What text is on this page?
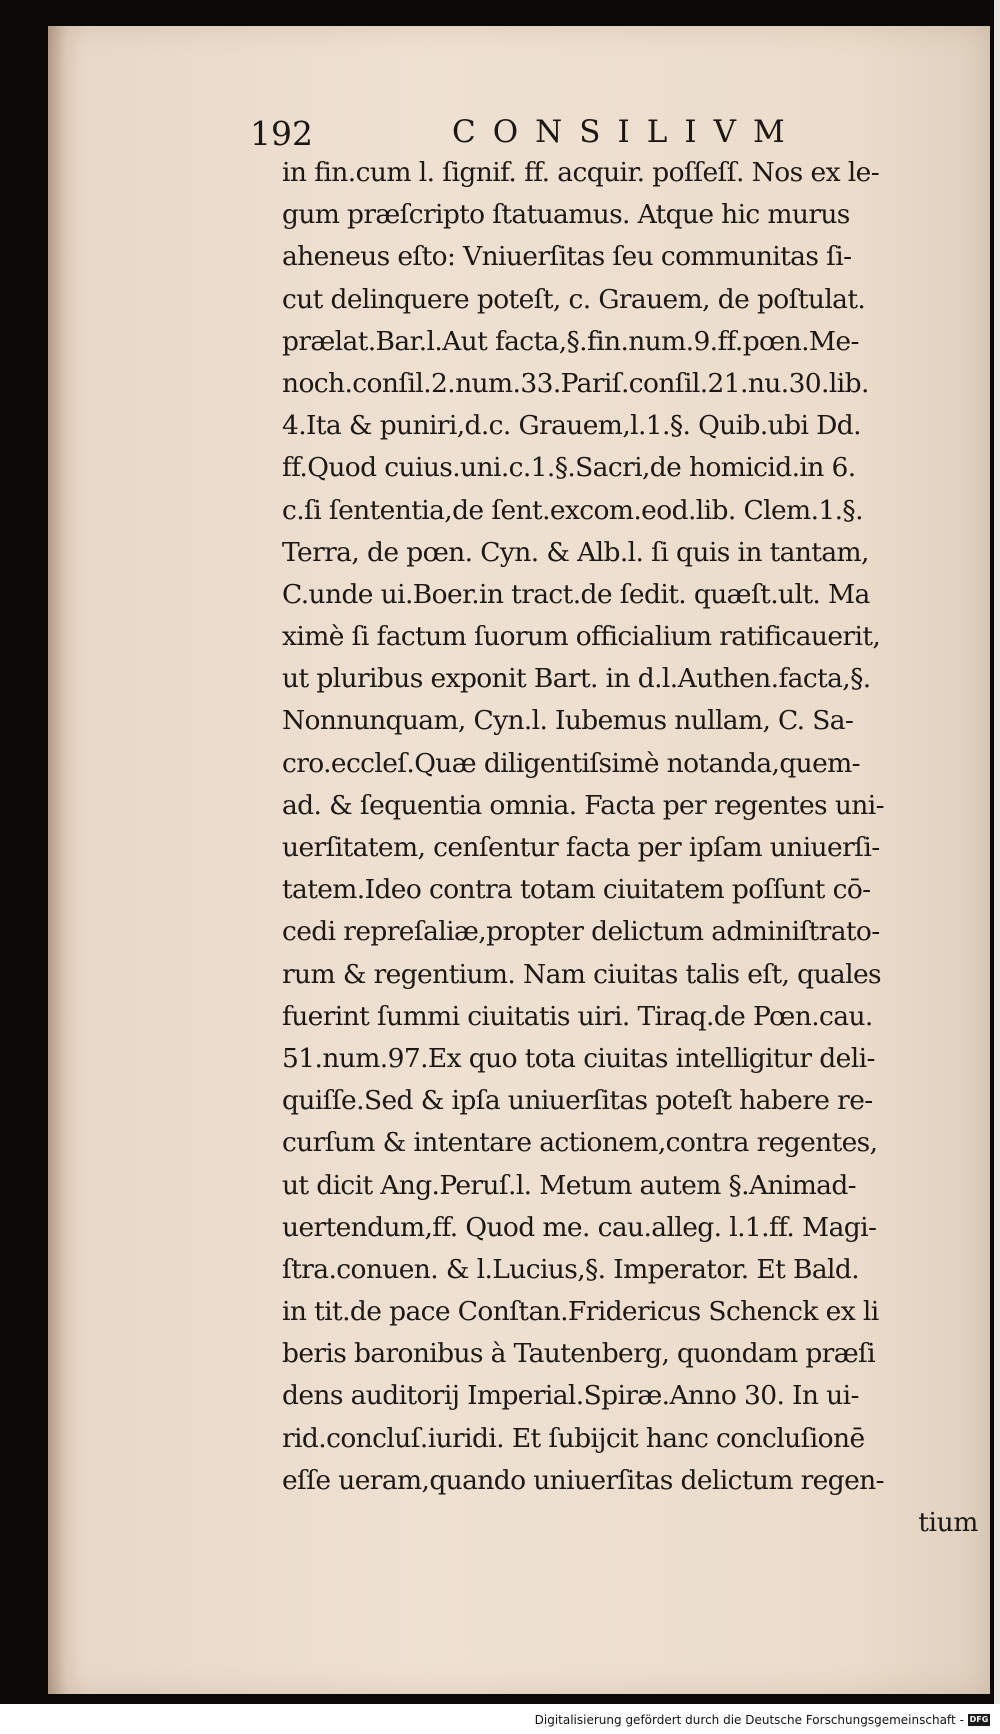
192	CONSILIVM
in fin.cum l. ſignif. ff. acquir. poſſeſſ. Nos ex le-
gum præſcripto ſtatuamus. Atque hic murus
aheneus eſto: Vniuerſitas ſeu communitas ſi-
cut delinquere poteſt, c. Grauem, de poſtulat.
prælat.Bar.l.Aut facta,§.fin.num.9.ff.pœn.Me-
noch.conſil.2.num.33.Pariſ.conſil.21.nu.30.lib.
4.Ita & puniri,d.c. Grauem,l.1.§. Quib.ubi Dd.
ff.Quod cuius.uni.c.1.§.Sacri,de homicid.in 6.
c.ſi ſententia,de ſent.excom.eod.lib. Clem.1.§.
Terra, de pœn. Cyn. & Alb.l. ſi quis in tantam,
C.unde ui.Boer.in tract.de ſedit. quæſt.ult. Ma
ximè ſi factum ſuorum officialium ratificauerit,
ut pluribus exponit Bart. in d.l.Authen.facta,§.
Nonnunquam, Cyn.l. Iubemus nullam, C. Sa-
cro.eccleſ.Quæ diligentiſsimè notanda,quem-
ad. & ſequentia omnia. Facta per regentes uni-
uerſitatem, cenſentur facta per ipſam uniuerſi-
tatem.Ideo contra totam ciuitatem poſſunt cō-
cedi repreſaliæ,propter delictum adminiſtrato-
rum & regentium. Nam ciuitas talis eſt, quales
fuerint ſummi ciuitatis uiri. Tiraq.de Pœn.cau.
51.num.97.Ex quo tota ciuitas intelligitur deli-
quiſſe.Sed & ipſa uniuerſitas poteſt habere re-
curſum & intentare actionem,contra regentes,
ut dicit Ang.Peruſ.l. Metum autem §.Animad-
uertendum,ff. Quod me. cau.alleg. l.1.ff. Magi-
ſtra.conuen. & l.Lucius,§. Imperator. Et Bald.
in tit.de pace Conſtan.Fridericus Schenck ex li
beris baronibus à Tautenberg, quondam præſi
dens auditorij Imperial.Spiræ.Anno 30. In ui-
rid.concluſ.iuridi. Et ſubijcit hanc concluſionē
eſſe ueram,quando uniuerſitas delictum regen-
tium
Digitalisierung gefördert durch die Deutsche Forschungsgemeinschaft - DFG
